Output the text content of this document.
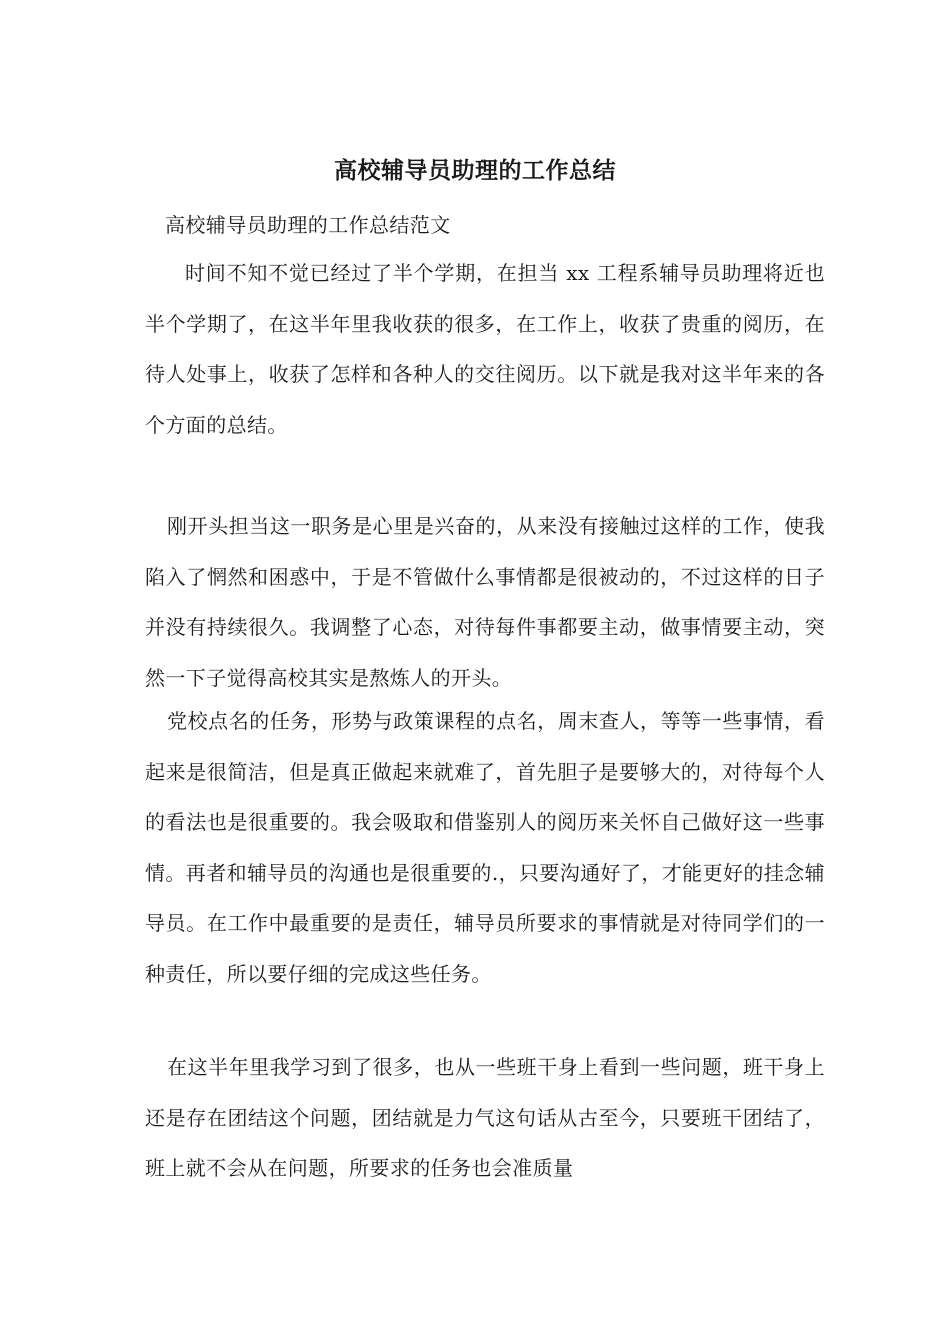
高校辅导员助理的工作总结
高校辅导员助理的工作总结范文

时间不知不觉已经过了半个学期，在担当 xx 工程系辅导员助理将近也半个学期了，在这半年里我收获的很多，在工作上，收获了贵重的阅历，在待人处事上，收获了怎样和各种人的交往阅历。以下就是我对这半年来的各个方面的总结。

刚开头担当这一职务是心里是兴奋的，从来没有接触过这样的工作，使我陷入了惘然和困惑中，于是不管做什么事情都是很被动的，不过这样的日子并没有持续很久。我调整了心态，对待每件事都要主动，做事情要主动，突然一下子觉得高校其实是熬炼人的开头。

党校点名的任务，形势与政策课程的点名，周末查人，等等一些事情，看起来是很简洁，但是真正做起来就难了，首先胆子是要够大的，对待每个人的看法也是很重要的。我会吸取和借鉴别人的阅历来关怀自己做好这一些事情。再者和辅导员的沟通也是很重要的.，只要沟通好了，才能更好的挂念辅导员。在工作中最重要的是责任，辅导员所要求的事情就是对待同学们的一种责任，所以要仔细的完成这些任务。

在这半年里我学习到了很多，也从一些班干身上看到一些问题，班干身上还是存在团结这个问题，团结就是力气这句话从古至今，只要班干团结了，班上就不会从在问题，所要求的任务也会准质量
